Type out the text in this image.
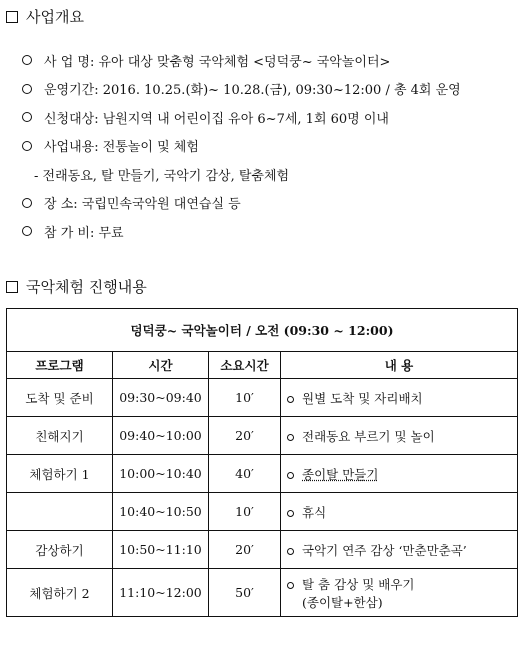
사업개요
사 업 명 : 유아 대상 맞춤형 국악체험 <덩덕쿵~ 국악놀이터>
운영기간 : 2016. 10.25.(화)~ 10.28.(금), 09:30~12:00 / 총 4회 운영
신청대상 : 남원지역 내 어린이집 유아 6~7세, 1회 60명 이내
사업내용 : 전통놀이 및 체험
- 전래동요, 탈 만들기, 국악기 감상, 탈춤체험
장 소 : 국립민속국악원 대연습실 등
참 가 비 : 무료
국악체험 진행내용
덩덕쿵~ 국악놀이터 / 오전 (09:30 ~ 12:00)			
프로그램	시간	소요시간	내 용
도착 및 준비	09:30~09:40	10′	원별 도착 및 자리배치
친해지기	09:40~10:00	20′	전래동요 부르기 및 놀이
체험하기 1	10:00~10:40	40′	종이탈 만들기
	10:40~10:50	10′	휴식
감상하기	10:50~11:10	20′	국악기 연주 감상 ‘만춘만춘곡’
체험하기 2	11:10~12:00	50′	탈 춤 감상 및 배우기
(종이탈+한삼)
